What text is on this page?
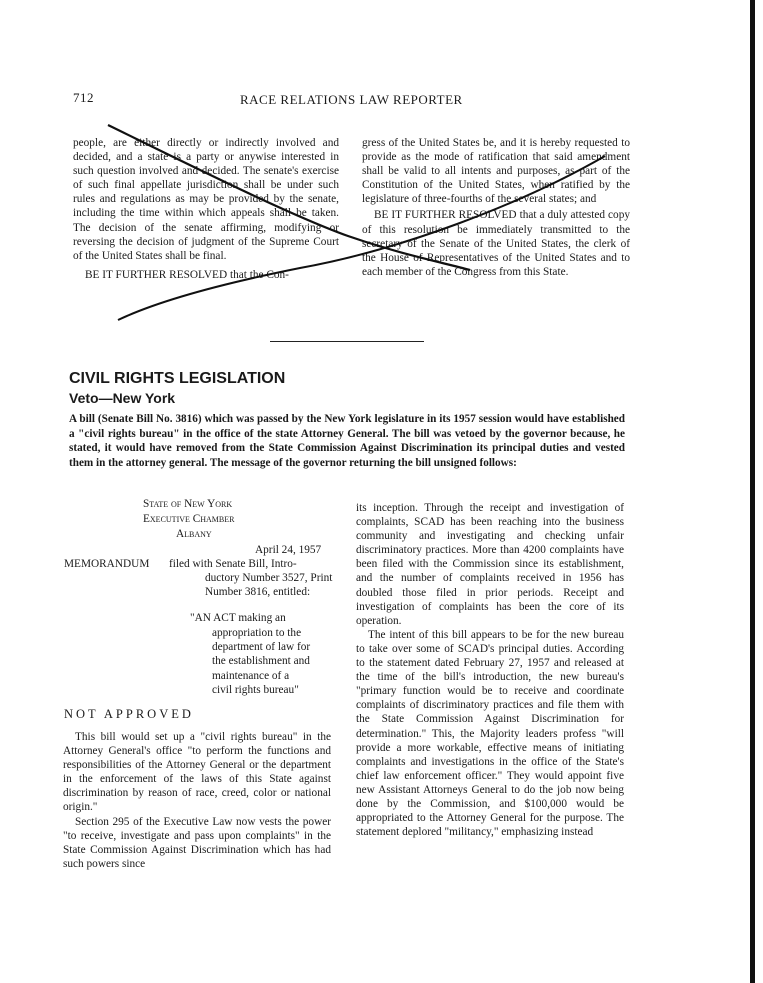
712	RACE RELATIONS LAW REPORTER

people, are either directly or indirectly involved and decided, and a state is a party or anywise interested in such question involved and decided. The senate's exercise of such final appellate jurisdiction shall be under such rules and regulations as may be provided by the senate, including the time within which appeals shall be taken. The decision of the senate affirming, modifying or reversing the decision of judgment of the Supreme Court of the United States shall be final.

BE IT FURTHER RESOLVED that the Con-

gress of the United States be, and it is hereby requested to provide as the mode of ratification that said amendment shall be valid to all intents and purposes, as part of the Constitution of the United States, when ratified by the legislature of three-fourths of the several states; and

BE IT FURTHER RESOLVED that a duly attested copy of this resolution be immediately transmitted to the secretary of the Senate of the United States, the clerk of the House of Representatives of the United States and to each member of the Congress from this State.

CIVIL RIGHTS LEGISLATION
Veto—New York
A bill (Senate Bill No. 3816) which was passed by the New York legislature in its 1957 session would have established a "civil rights bureau" in the office of the state Attorney General. The bill was vetoed by the governor because, he stated, it would have removed from the State Commission Against Discrimination its principal duties and vested them in the attorney general. The message of the governor returning the bill unsigned follows:
State of New York
Executive Chamber
Albany
April 24, 1957
MEMORANDUM filed with Senate Bill, Intro-
ductory Number 3527, Print
Number 3816, entitled:
"AN ACT making an
appropriation to the
department of law for
the establishment and
maintenance of a
civil rights bureau"
NOT APPROVED

This bill would set up a "civil rights bureau" in the Attorney General's office "to perform the functions and responsibilities of the Attorney General or the department in the enforcement of the laws of this State against discrimination by reason of race, creed, color or national origin."

Section 295 of the Executive Law now vests the power "to receive, investigate and pass upon complaints" in the State Commission Against Discrimination which has had such powers since

its inception. Through the receipt and investigation of complaints, SCAD has been reaching into the business community and investigating and checking unfair discriminatory practices. More than 4200 complaints have been filed with the Commission since its establishment, and the number of complaints received in 1956 has doubled those filed in prior periods. Receipt and investigation of complaints has been the core of its operation.

The intent of this bill appears to be for the new bureau to take over some of SCAD's principal duties. According to the statement dated February 27, 1957 and released at the time of the bill's introduction, the new bureau's "primary function would be to receive and coordinate complaints of discriminatory practices and file them with the State Commission Against Discrimination for determination." This, the Majority leaders profess "will provide a more workable, effective means of initiating complaints and investigations in the office of the State's chief law enforcement officer." They would appoint five new Assistant Attorneys General to do the job now being done by the Commission, and $100,000 would be appropriated to the Attorney General for the purpose. The statement deplored "militancy," emphasizing instead
